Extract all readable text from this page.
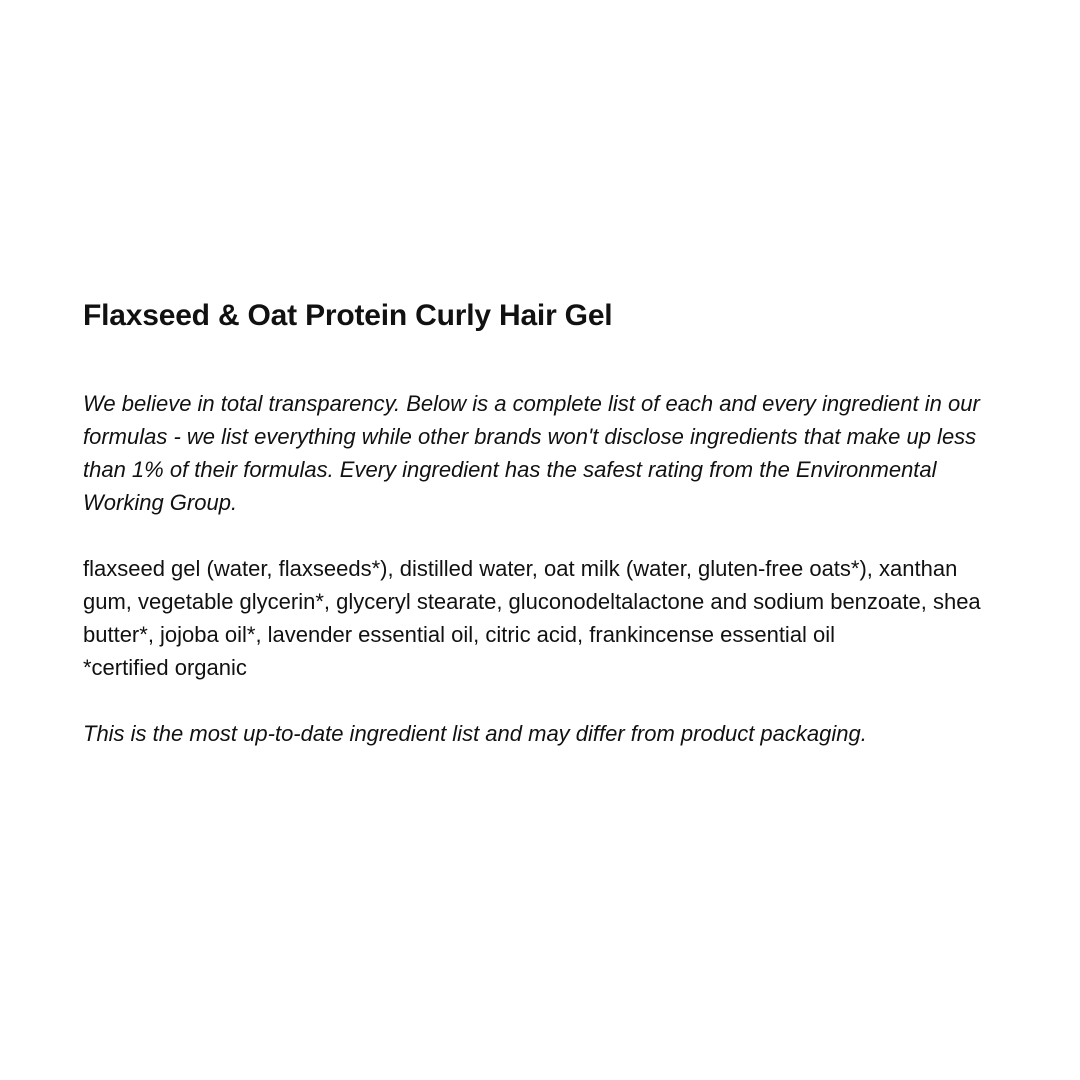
Flaxseed & Oat Protein Curly Hair Gel

We believe in total transparency. Below is a complete list of each and every ingredient in our formulas - we list everything while other brands won't disclose ingredients that make up less than 1% of their formulas. Every ingredient has the safest rating from the Environmental Working Group.

flaxseed gel (water, flaxseeds*), distilled water, oat milk (water, gluten-free oats*), xanthan gum, vegetable glycerin*, glyceryl stearate, gluconodeltalactone and sodium benzoate, shea butter*, jojoba oil*, lavender essential oil, citric acid, frankincense essential oil
*certified organic

This is the most up-to-date ingredient list and may differ from product packaging.
